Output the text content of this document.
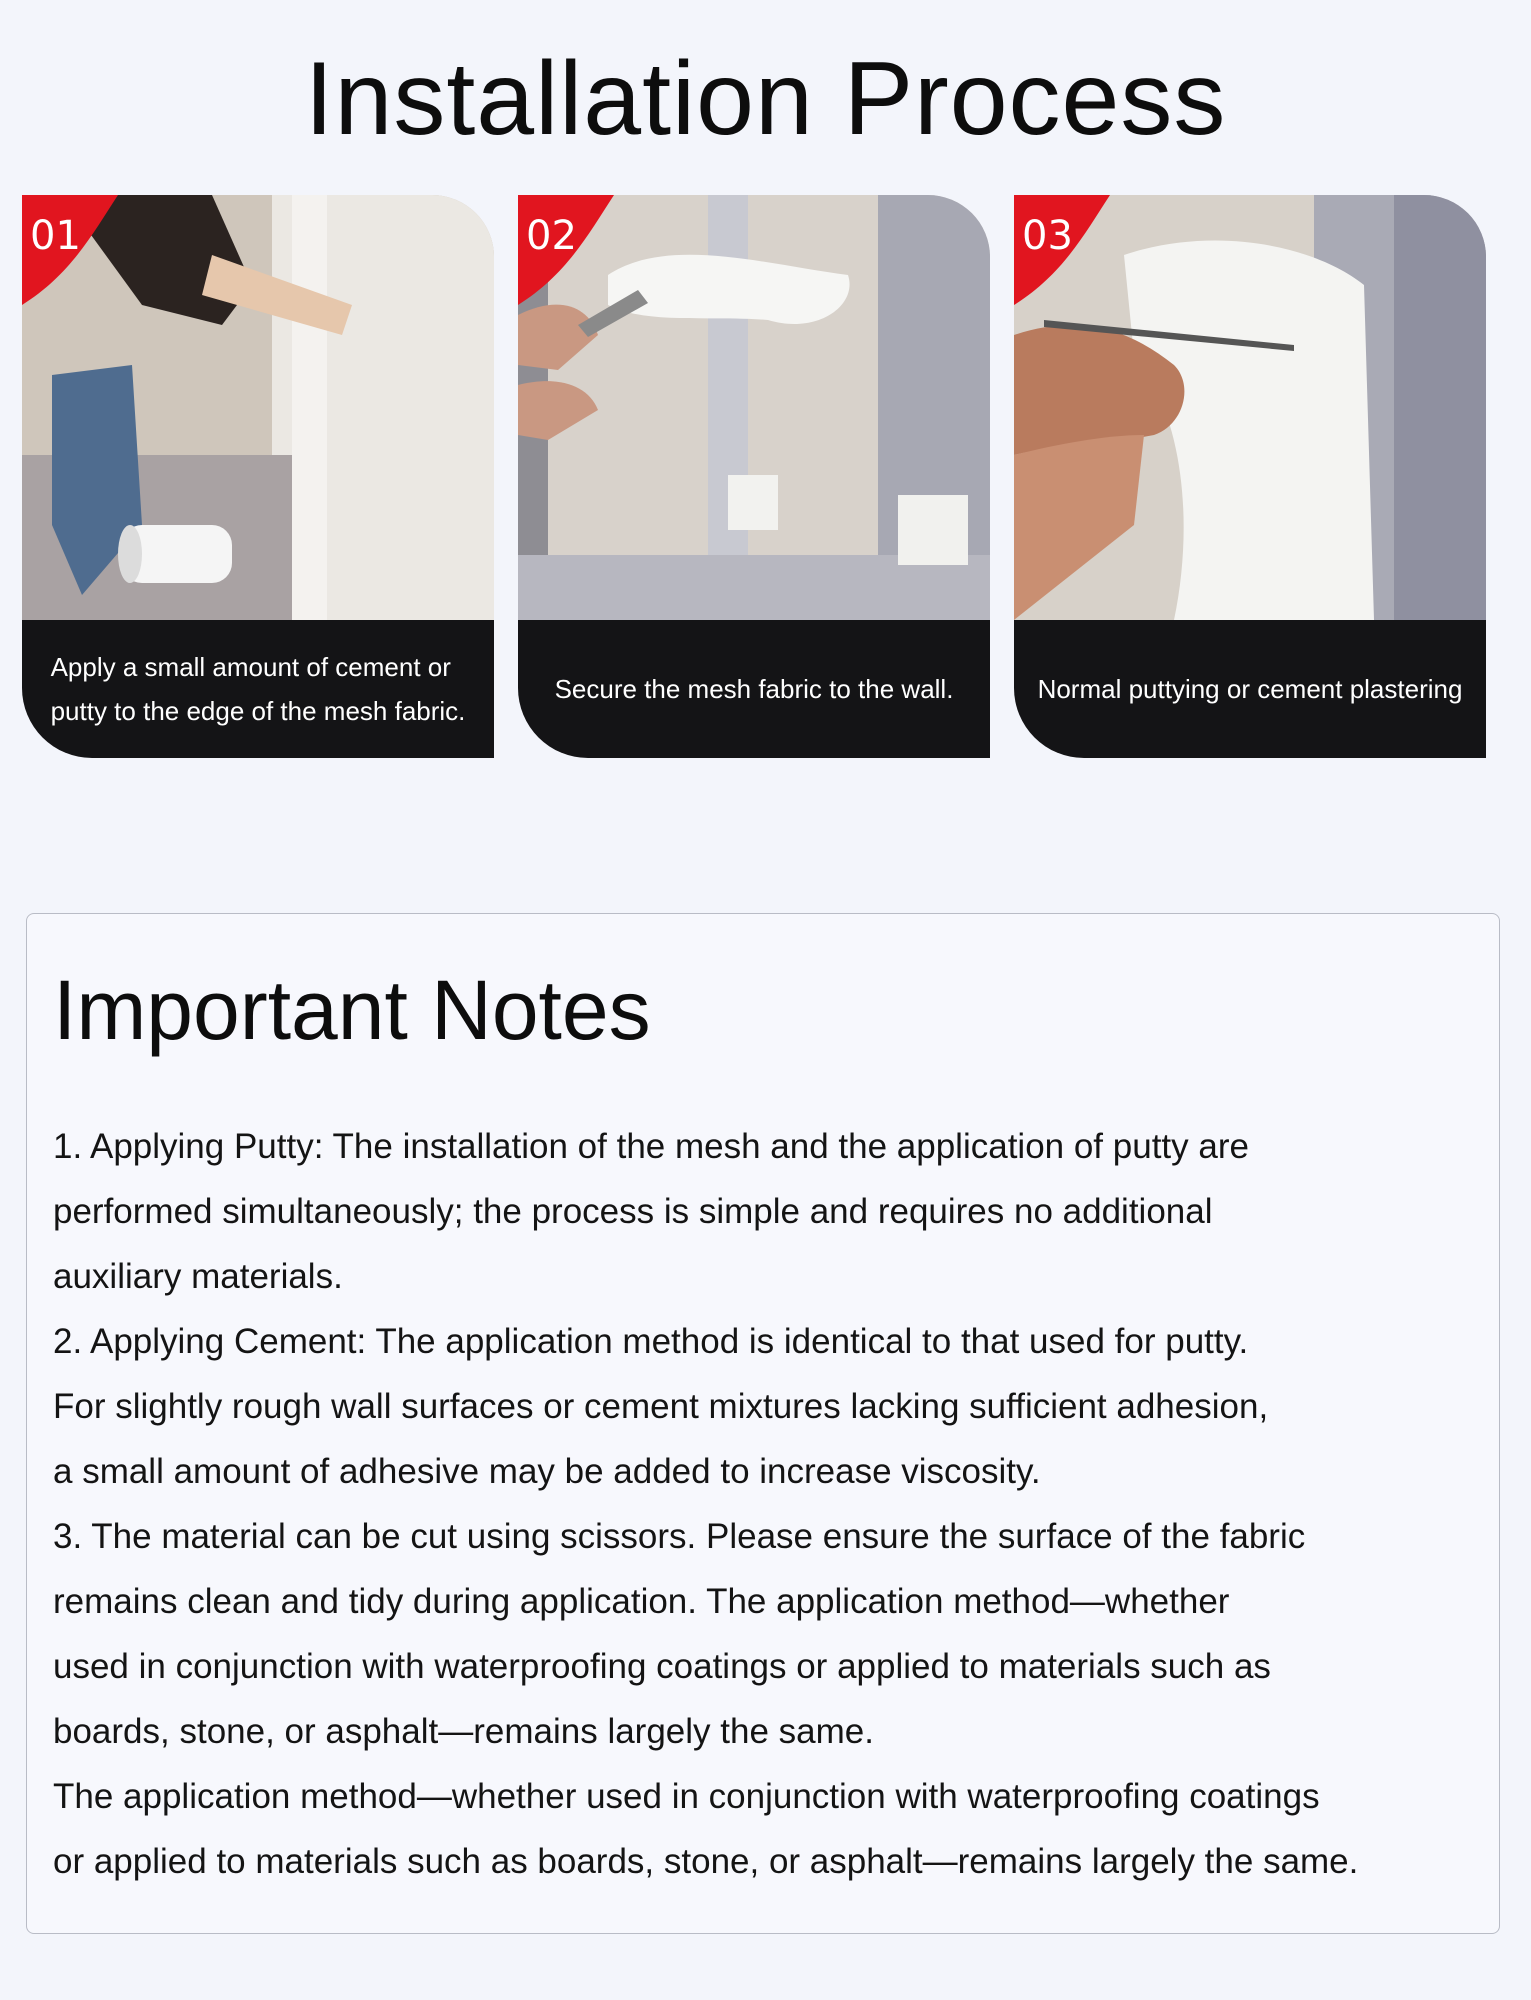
Installation Process
01
Apply a small amount of cement or
putty to the edge of the mesh fabric.
02
Secure the mesh fabric to the wall.
03
Normal puttying or cement plastering
Important Notes

1. Applying Putty: The installation of the mesh and the application of putty are

performed simultaneously; the process is simple and requires no additional

auxiliary materials.

2. Applying Cement: The application method is identical to that used for putty.

For slightly rough wall surfaces or cement mixtures lacking sufficient adhesion,

a small amount of adhesive may be added to increase viscosity.

3. The material can be cut using scissors. Please ensure the surface of the fabric

remains clean and tidy during application. The application method—whether

used in conjunction with waterproofing coatings or applied to materials such as

boards, stone, or asphalt—remains largely the same.

The application method—whether used in conjunction with waterproofing coatings

or applied to materials such as boards, stone, or asphalt—remains largely the same.
